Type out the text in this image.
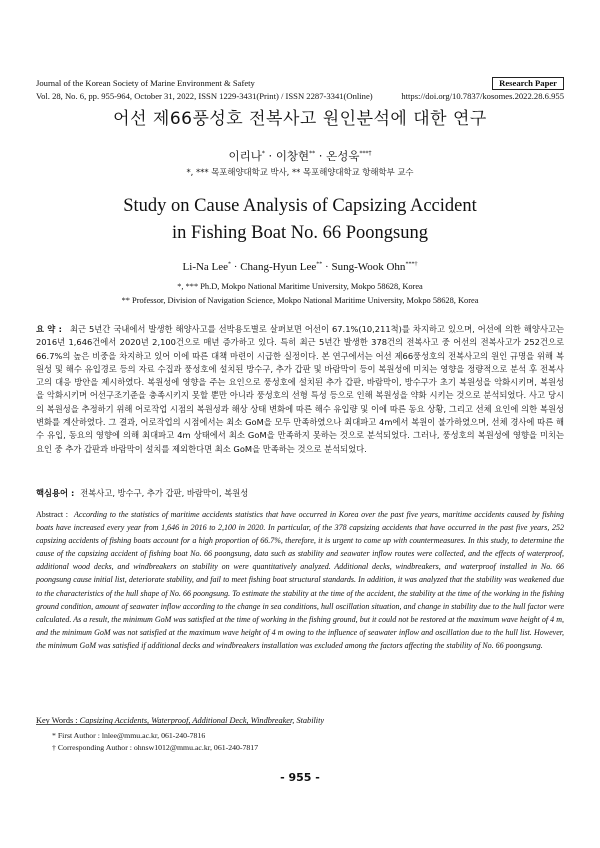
Journal of the Korean Society of Marine Environment & Safety
Vol. 28, No. 6, pp. 955-964, October 31, 2022, ISSN 1229-3431(Print) / ISSN 2287-3341(Online)
Research Paper
https://doi.org/10.7837/kosomes.2022.28.6.955
어선 제66풍성호 전복사고 원인분석에 대한 연구
이리나* · 이창현** · 온성욱***†
*, *** 목포해양대학교 박사, ** 목포해양대학교 항해학부 교수
Study on Cause Analysis of Capsizing Accident
in Fishing Boat No. 66 Poongsung
Li-Na Lee* · Chang-Hyun Lee** · Sung-Wook Ohn***†
*, *** Ph.D, Mokpo National Maritime University, Mokpo 58628, Korea
** Professor, Division of Navigation Science, Mokpo National Maritime University, Mokpo 58628, Korea
요 약 : 최근 5년간 국내에서 발생한 해양사고를 선박용도별로 살펴보면 어선이 67.1%(10,211척)를 차지하고 있으며, 어선에 의한 해양사고는 2016년 1,646건에서 2020년 2,100건으로 매년 증가하고 있다. 특히 최근 5년간 발생한 378건의 전복사고 중 어선의 전복사고가 252건으로 66.7%의 높은 비중을 차지하고 있어 이에 따른 대책 마련이 시급한 실정이다. 본 연구에서는 어선 제66풍성호의 전복사고의 원인 규명을 위해 복원성 및 해수 유입경로 등의 자료 수집과 풍성호에 설치된 방수구, 추가 갑판 및 바람막이 등이 복원성에 미치는 영향을 정량적으로 분석 후 전복사고의 대응 방안을 제시하였다. 복원성에 영향을 주는 요인으로 풍성호에 설치된 추가 갑판, 바람막이, 방수구가 초기 복원성을 악화시키며, 복원성을 악화시키며 어선구조기준을 충족시키지 못할 뿐만 아니라 풍성호의 선형 특성 등으로 인해 복원성을 약화 시키는 것으로 분석되었다. 사고 당시의 복원성을 추정하기 위해 어로작업 시점의 복원성과 해상 상태 변화에 따른 해수 유입량 및 이에 따른 동요 상황, 그리고 선체 요인에 의한 복원성 변화를 계산하였다. 그 결과, 어로작업의 시점에서는 최소 GoM을 모두 만족하였으나 최대파고 4m에서 복원이 불가하였으며, 선체 경사에 따른 해수 유입, 동요의 영향에 의해 최대파고 4m 상태에서 최소 GoM을 만족하지 못하는 것으로 분석되었다. 그러나, 풍성호의 복원성에 영향을 미치는 요인 중 추가 갑판과 바람막이 설치를 제외한다면 최소 GoM을 만족하는 것으로 분석되었다.
핵심용어 : 전복사고, 방수구, 추가 갑판, 바람막이, 복원성
Abstract : According to the statistics of maritime accidents statistics that have occurred in Korea over the past five years, maritime accidents caused by fishing boats have increased every year from 1,646 in 2016 to 2,100 in 2020. In particular, of the 378 capsizing accidents that have occurred in the past five years, 252 capsizing accidents of fishing boats account for a high proportion of 66.7%, therefore, it is urgent to come up with countermeasures. In this study, to determine the cause of the capsizing accident of fishing boat No. 66 poongsung, data such as stability and seawater inflow routes were collected, and the effects of waterproof, additional wood decks, and windbreakers on stability on were quantitatively analyzed. Additional decks, windbreakers, and waterproof installed in No. 66 poongsung cause initial list, deteriorate stability, and fail to meet fishing boat structural standards. In addition, it was analyzed that the stability was weakened due to the characteristics of the hull shape of No. 66 poongsung. To estimate the stability at the time of the accident, the stability at the time of the working in the fishing ground condition, amount of seawater inflow according to the change in sea conditions, hull oscillation situation, and change in stability due to the hull factor were calculated. As a result, the minimum GoM was satisfied at the time of working in the fishing ground, but it could not be restored at the maximum wave height of 4 m, and the minimum GoM was not satisfied at the maximum wave height of 4 m owing to the influence of seawater inflow and oscillation due to the hull list. However, the minimum GoM was satisfied if additional decks and windbreakers installation was excluded among the factors affecting the stability of No. 66 poongsung.
Key Words : Capsizing Accidents, Waterproof, Additional Deck, Windbreaker, Stability
* First Author : lnlee@mmu.ac.kr, 061-240-7816
† Corresponding Author : ohnsw1012@mmu.ac.kr, 061-240-7817
- 955 -
